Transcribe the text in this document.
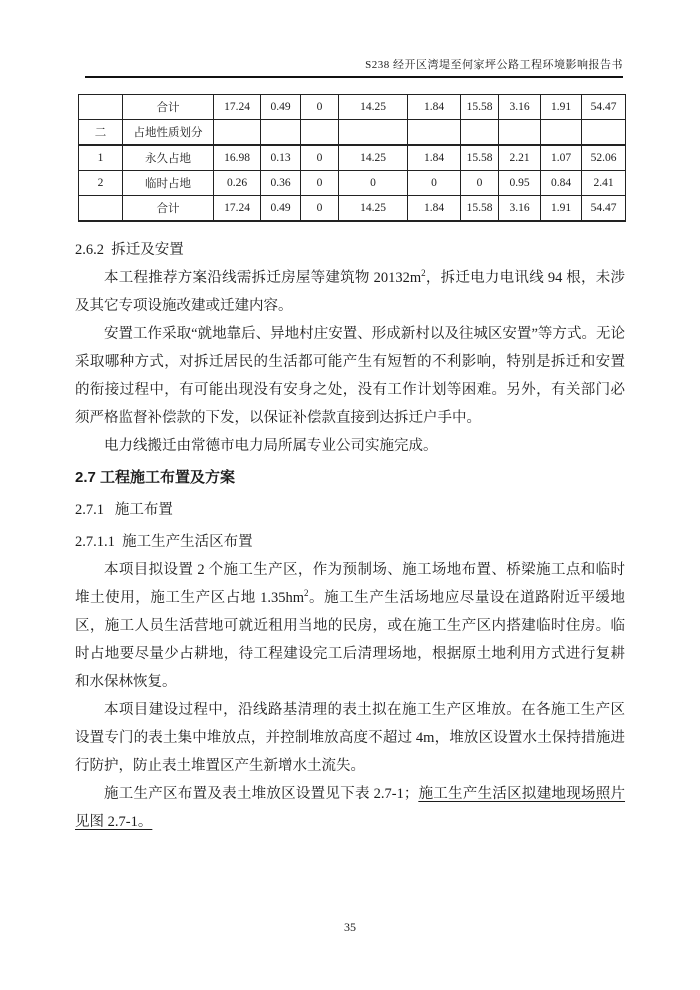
S238 经开区湾堤至何家坪公路工程环境影响报告书
	合计	17.24	0.49	0	14.25	1.84	15.58	3.16	1.91	54.47
二	占地性质划分									
1	永久占地	16.98	0.13	0	14.25	1.84	15.58	2.21	1.07	52.06
2	临时占地	0.26	0.36	0	0	0	0	0.95	0.84	2.41
	合计	17.24	0.49	0	14.25	1.84	15.58	3.16	1.91	54.47
2.6.2  拆迁及安置

本工程推荐方案沿线需拆迁房屋等建筑物 $20132m^2$，拆迁电力电讯线 94 根，未涉及其它专项设施改建或迁建内容。

安置工作采取“就地靠后、异地村庄安置、形成新村以及往城区安置”等方式。无论采取哪种方式，对拆迁居民的生活都可能产生有短暂的不利影响，特别是拆迁和安置的衔接过程中，有可能出现没有安身之处，没有工作计划等困难。另外，有关部门必须严格监督补偿款的下发，以保证补偿款直接到达拆迁户手中。

电力线搬迁由常德市电力局所属专业公司实施完成。

2.7 工程施工布置及方案
2.7.1   施工布置
2.7.1.1  施工生产生活区布置

本项目拟设置 2 个施工生产区，作为预制场、施工场地布置、桥梁施工点和临时堆土使用，施工生产区占地 $1.35hm^2$。施工生产生活场地应尽量设在道路附近平缓地区，施工人员生活营地可就近租用当地的民房，或在施工生产区内搭建临时住房。临时占地要尽量少占耕地，待工程建设完工后清理场地，根据原土地利用方式进行复耕和水保林恢复。

本项目建设过程中，沿线路基清理的表土拟在施工生产区堆放。在各施工生产区设置专门的表土集中堆放点，并控制堆放高度不超过 4m，堆放区设置水土保持措施进行防护，防止表土堆置区产生新增水土流失。

施工生产区布置及表土堆放区设置见下表 2.7-1；施工生产生活区拟建地现场照片见图 2.7-1。

35
